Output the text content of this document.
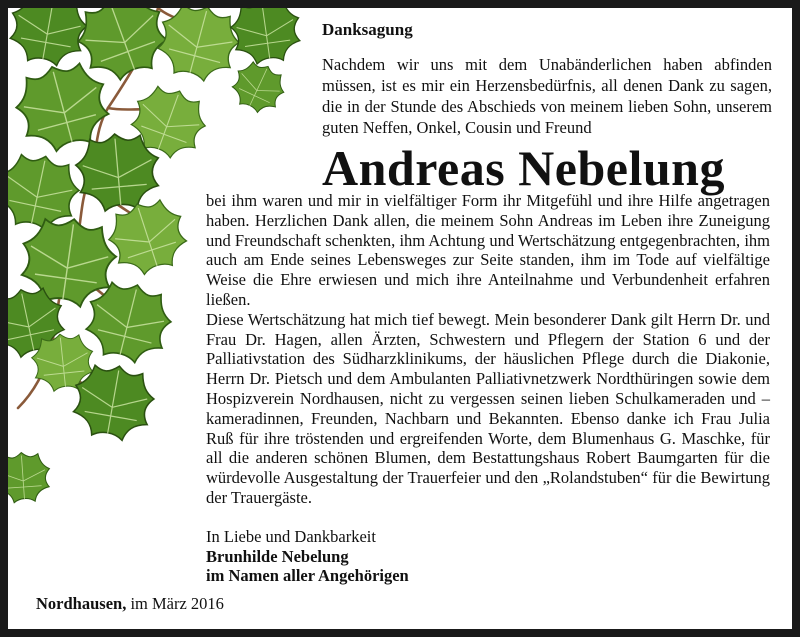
Danksagung
Nachdem wir uns mit dem Unabänderlichen haben abfinden müssen, ist es mir ein Herzensbedürfnis, all denen Dank zu sagen, die in der Stunde des Abschieds von meinem lieben Sohn, unserem guten Neffen, Onkel, Cousin und Freund
Andreas Nebelung

bei ihm waren und mir in vielfältiger Form ihr Mitgefühl und ihre Hilfe angetragen haben. Herzlichen Dank allen, die meinem Sohn Andreas im Leben ihre Zuneigung und Freundschaft schenkten, ihm Achtung und Wertschätzung entgegenbrachten, ihm auch am Ende seines Lebensweges zur Seite standen, ihm im Tode auf vielfältige Weise die Ehre erwiesen und mich ihre Anteilnahme und Verbundenheit erfahren ließen.

Diese Wertschätzung hat mich tief bewegt. Mein besonderer Dank gilt Herrn Dr. und Frau Dr. Hagen, allen Ärzten, Schwestern und Pflegern der Station 6 und der Palliativstation des Südharzklinikums, der häuslichen Pflege durch die Diakonie, Herrn Dr. Pietsch und dem Ambulanten Palliativnetzwerk Nordthüringen sowie dem Hospizverein Nordhausen, nicht zu vergessen seinen lieben Schulkameraden und –kameradinnen, Freunden, Nachbarn und Bekannten. Ebenso danke ich Frau Julia Ruß für ihre tröstenden und ergreifenden Worte, dem Blumenhaus G. Maschke, für all die anderen schönen Blumen, dem Bestattungshaus Robert Baumgarten für die würdevolle Ausgestaltung der Trauerfeier und den „Rolandstuben“ für die Bewirtung der Trauergäste.

In Liebe und Dankbarkeit
Brunhilde Nebelung
im Namen aller Angehörigen
Nordhausen, im März 2016
